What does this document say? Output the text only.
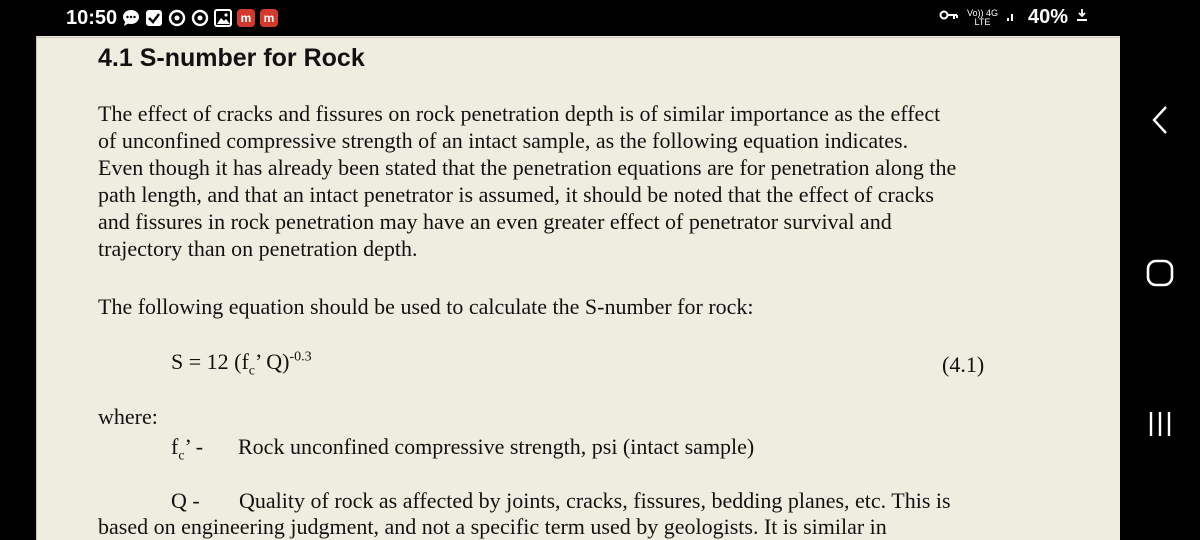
10:50	m	m	Vo)) 4G
LTE	40%
4.1 S-number for Rock

The effect of cracks and fissures on rock penetration depth is of similar importance as the effect
of unconfined compressive strength of an intact sample, as the following equation indicates.
Even though it has already been stated that the penetration equations are for penetration along the
path length, and that an intact penetrator is assumed, it should be noted that the effect of cracks
and fissures in rock penetration may have an even greater effect of penetrator survival and
trajectory than on penetration depth.

The following equation should be used to calculate the S-number for rock:
S = 12 ($f_c$’ Q)$^{-0.3}$	(4.1)
where:
$f_c$’ - Rock unconfined compressive strength, psi (intact sample)
Q - Quality of rock as affected by joints, cracks, fissures, bedding planes, etc. This is
based on engineering judgment, and not a specific term used by geologists. It is similar in
